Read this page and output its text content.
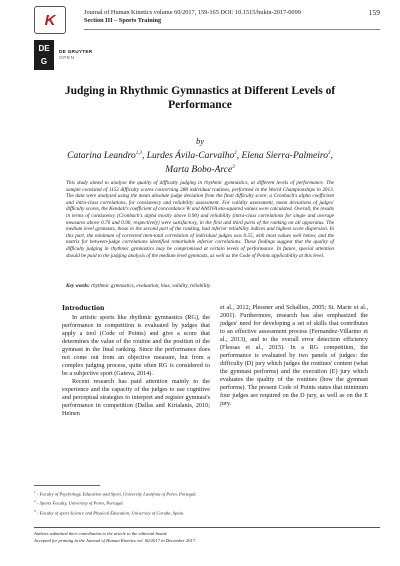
K	Journal of Human Kinetics volume 60/2017, 159-165 DOI: 10.1515/hukin-2017-0099
Section III – Sports Training
159
DE
G
DE GRUYTER
OPEN
Judging in Rhythmic Gymnastics at Different Levels of Performance
by
Catarina Leandro$^{1,3}$, Lurdes Ávila-Carvalho$^2$, Elena Sierra-Palmeiro$^3$,
Marta Bobo-Arce$^3$
This study aimed to analyse the quality of difficulty judging in rhythmic gymnastics, at different levels of performance. The sample consisted of 1152 difficulty scores concerning 288 individual routines, performed in the World Championships in 2013. The data were analysed using the mean absolute judge deviation from the final difficulty score, a Cronbach's alpha coefficient and intra-class correlations, for consistency and reliability assessment. For validity assessment, mean deviations of judges' difficulty scores, the Kendall's coefficient of concordance W and ANOVA eta-squared values were calculated. Overall, the results in terms of consistency (Cronbach's alpha mostly above 0.90) and reliability (intra-class correlations for single and average measures above 0.70 and 0.90, respectively) were satisfactory, in the first and third parts of the ranking on all apparatus. The medium level gymnasts, those in the second part of the ranking, had inferior reliability indices and highest score dispersion. In this part, the minimum of corrected item-total correlation of individual judges was 0.55, with most values well below, and the matrix for between-judge correlations identified remarkable inferior correlations. These findings suggest that the quality of difficulty judging in rhythmic gymnastics may be compromised at certain levels of performance. In future, special attention should be paid to the judging analysis of the medium level gymnasts, as well as the Code of Points applicability at this level.
Key words: rhythmic gymnastics, evaluation, bias, validity, reliability.
Introduction

In artistic sports like rhythmic gymnastics (RG), the performance in competition is evaluated by judges that apply a tool (Code of Points) and give a score that determines the value of the routine and the position of the gymnast in the final ranking. Since the performance does not come out from an objective measure, but from a complex judging process, quite often RG is considered to be a subjective sport (Gateva, 2014).

Recent research has paid attention mainly to the experience and the capacity of the judges to use cognitive and perceptual strategies to interpret and register gymnast's performance in competition (Dallas and Kirialanis, 2010; Heinen

et al., 2012; Plessner and Schallies, 2005; St. Marie et al., 2001). Furthermore, research has also emphasized the judges' need for developing a set of skills that contributes to an effective assessment process (Fernandez-Villarino et al., 2013), and to the overall error detection efficiency (Flessas et al., 2015). In a RG competition, the performance is evaluated by two panels of judges: the difficulty (D) jury which judges the routines' content (what the gymnast performs) and the execution (E) jury which evaluates the quality of the routines (how the gymnast performs). The present Code of Points states that minimum four judges are required on the D jury, as well as on the E jury.

$^1$ - Faculty of Psychology, Education and Sport, University Lusófona of Porto, Portugal.
$^2$ - Sports Faculty, University of Porto, Portugal.
$^3$ - Faculty of sport Science and Physical Education, University of Coruña, Spain.
Authors submitted their contribution to the article to the editorial board.
Accepted for printing in the Journal of Human Kinetics vol. 60/2017 in December 2017.
